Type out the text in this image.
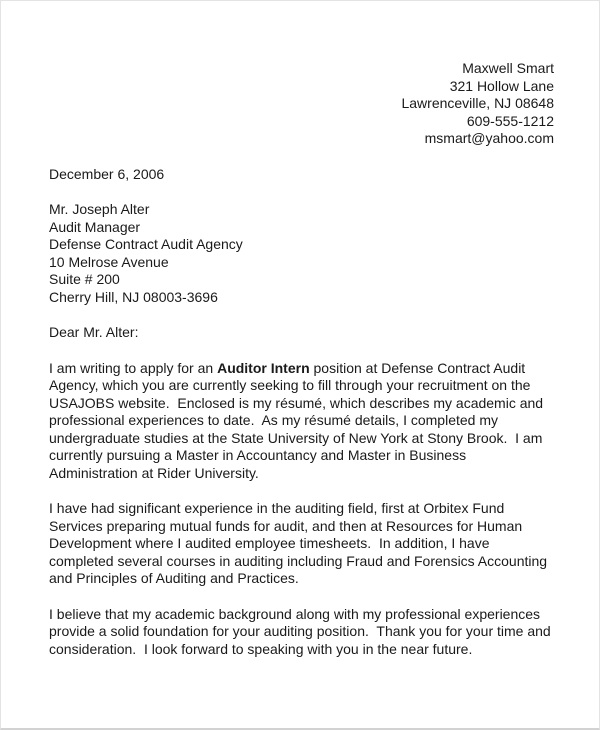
Maxwell Smart
321 Hollow Lane
Lawrenceville, NJ 08648
609-555-1212
msmart@yahoo.com
December 6, 2006
Mr. Joseph Alter
Audit Manager
Defense Contract Audit Agency
10 Melrose Avenue
Suite # 200
Cherry Hill, NJ 08003-3696
Dear Mr. Alter:

I am writing to apply for an Auditor Intern position at Defense Contract Audit Agency, which you are currently seeking to fill through your recruitment on the USAJOBS website.  Enclosed is my résumé, which describes my academic and professional experiences to date.  As my résumé details, I completed my undergraduate studies at the State University of New York at Stony Brook.  I am currently pursuing a Master in Accountancy and Master in Business Administration at Rider University.

I have had significant experience in the auditing field, first at Orbitex Fund Services preparing mutual funds for audit, and then at Resources for Human Development where I audited employee timesheets.  In addition, I have completed several courses in auditing including Fraud and Forensics Accounting and Principles of Auditing and Practices.

I believe that my academic background along with my professional experiences provide a solid foundation for your auditing position.  Thank you for your time and consideration.  I look forward to speaking with you in the near future.
